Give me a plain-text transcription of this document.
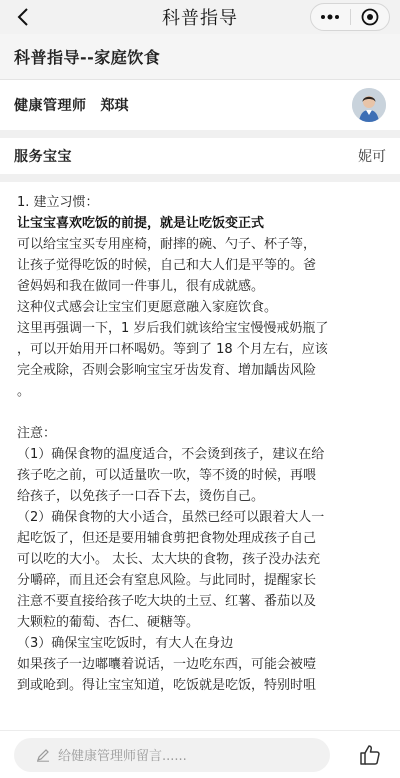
科普指导
科普指导--家庭饮食
健康管理师 郑琪
服务宝宝	妮可

1. 建立习惯：

让宝宝喜欢吃饭的前提，就是让吃饭变正式

可以给宝宝买专用座椅，耐摔的碗、勺子、杯子等，

让孩子觉得吃饭的时候，自己和大人们是平等的。爸

爸妈妈和我在做同一件事儿，很有成就感。

这种仪式感会让宝宝们更愿意融入家庭饮食。

这里再强调一下，1 岁后我们就该给宝宝慢慢戒奶瓶了

，可以开始用开口杯喝奶。等到了 18 个月左右，应该

完全戒除，否则会影响宝宝牙齿发育、增加龋齿风险

。

注意：

（1）确保食物的温度适合，不会烫到孩子，建议在给

孩子吃之前，可以适量吹一吹，等不烫的时候，再喂

给孩子，以免孩子一口吞下去，烫伤自己。

（2）确保食物的大小适合，虽然已经可以跟着大人一

起吃饭了，但还是要用辅食剪把食物处理成孩子自己

可以吃的大小。 太长、太大块的食物，孩子没办法充

分嚼碎，而且还会有窒息风险。与此同时，提醒家长

注意不要直接给孩子吃大块的土豆、红薯、番茄以及

大颗粒的葡萄、杏仁、硬糖等。

（3）确保宝宝吃饭时，有大人在身边

如果孩子一边嘟囔着说话，一边吃东西，可能会被噎

到或呛到。得让宝宝知道，吃饭就是吃饭，特别时咀

给健康管理师留言......
